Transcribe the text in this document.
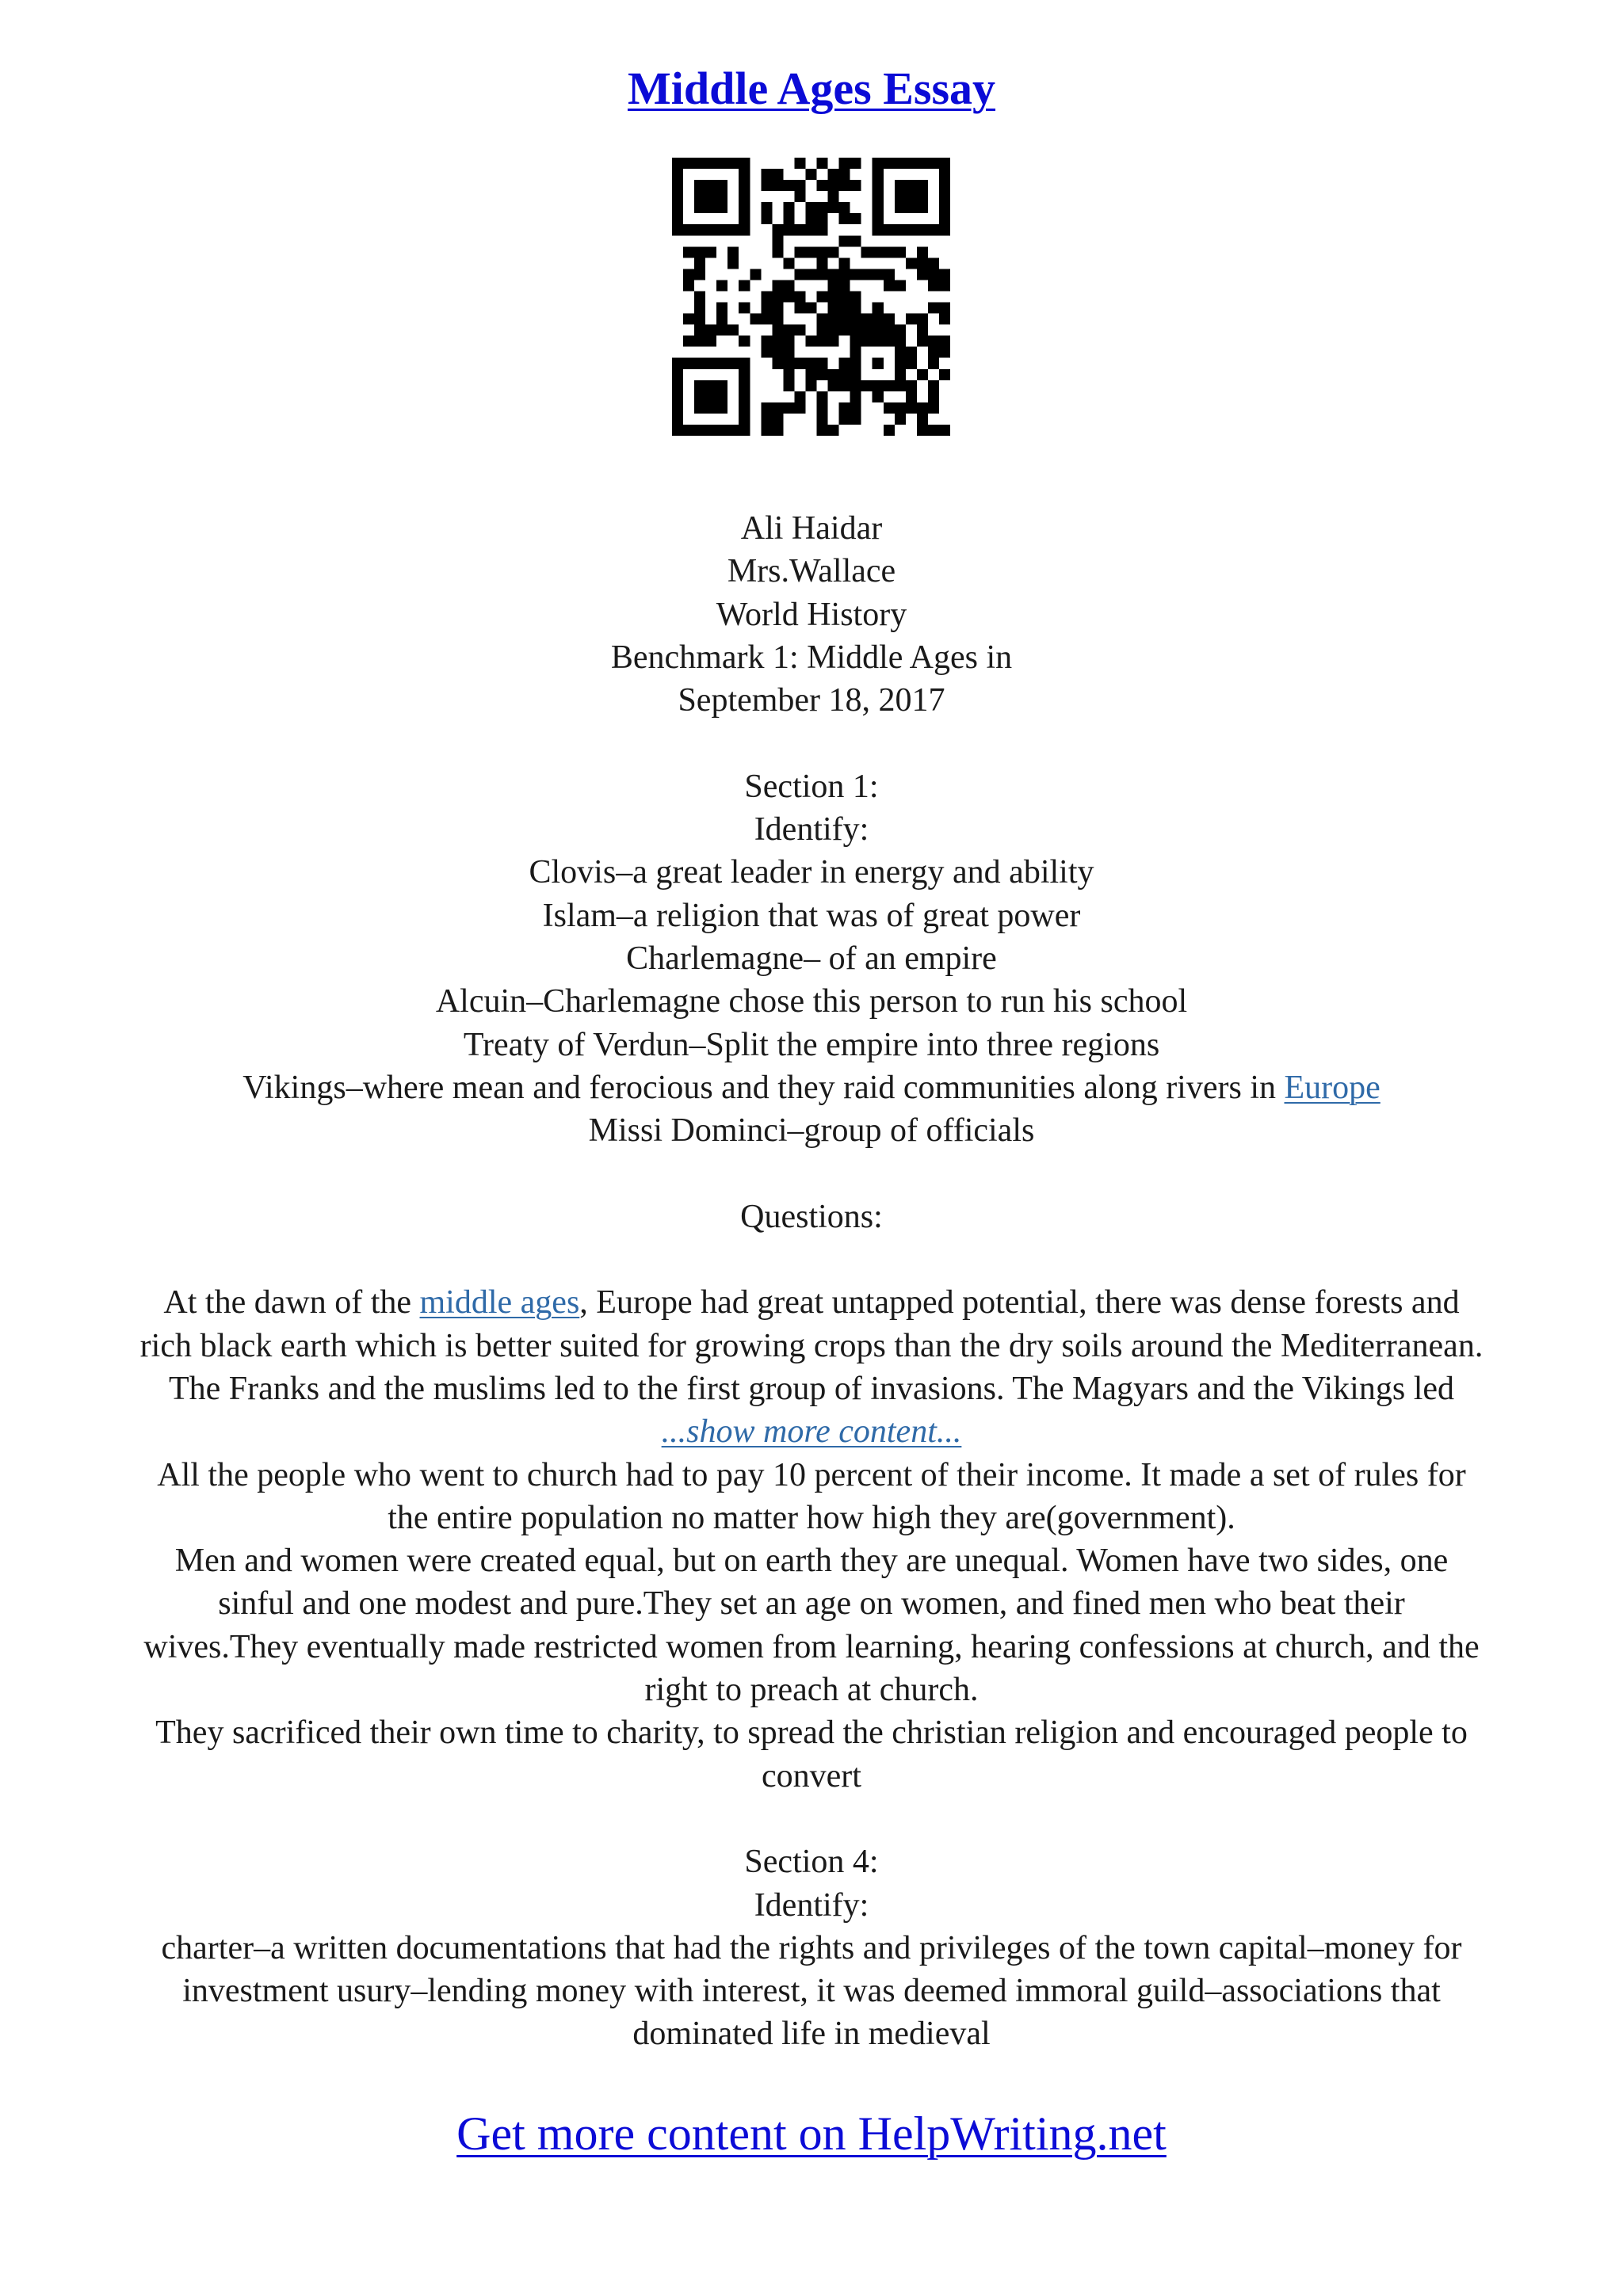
Middle Ages Essay
Ali Haidar
Mrs.Wallace
World History
Benchmark 1: Middle Ages in
September 18, 2017
Section 1:
Identify:
Clovis–a great leader in energy and ability
Islam–a religion that was of great power
Charlemagne– of an empire
Alcuin–Charlemagne chose this person to run his school
Treaty of Verdun–Split the empire into three regions
Vikings–where mean and ferocious and they raid communities along rivers in Europe
Missi Dominci–group of officials
Questions:
At the dawn of the middle ages, Europe had great untapped potential, there was dense forests and
rich black earth which is better suited for growing crops than the dry soils around the Mediterranean.
The Franks and the muslims led to the first group of invasions. The Magyars and the Vikings led
...show more content...
All the people who went to church had to pay 10 percent of their income. It made a set of rules for
the entire population no matter how high they are(government).
Men and women were created equal, but on earth they are unequal. Women have two sides, one
sinful and one modest and pure.They set an age on women, and fined men who beat their
wives.They eventually made restricted women from learning, hearing confessions at church, and the
right to preach at church.
They sacrificed their own time to charity, to spread the christian religion and encouraged people to
convert
Section 4:
Identify:
charter–a written documentations that had the rights and privileges of the town capital–money for
investment usury–lending money with interest, it was deemed immoral guild–associations that
dominated life in medieval
Get more content on HelpWriting.net
